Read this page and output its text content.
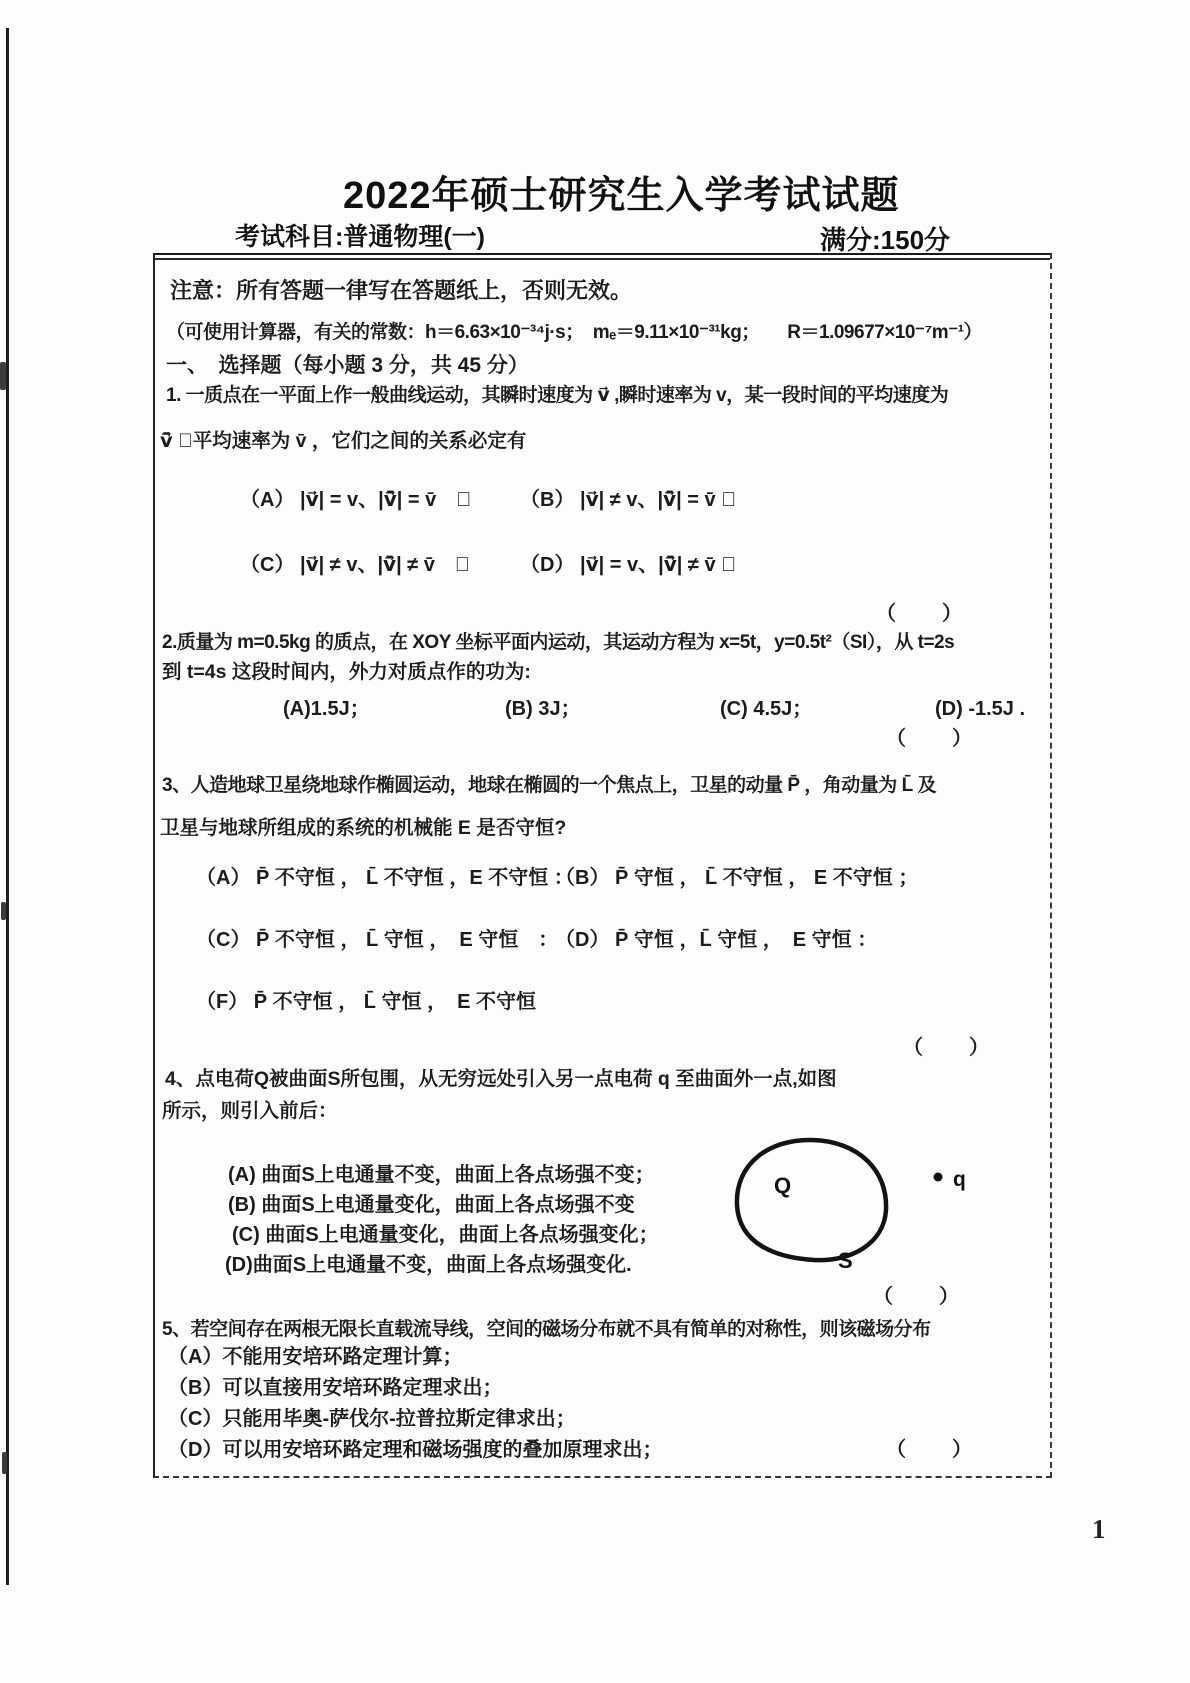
2022年硕士研究生入学考试试题
考试科目:普通物理(一)	满分:150分
注意：所有答题一律写在答题纸上，否则无效。
（可使用计算器，有关的常数：h＝6.63×10⁻³⁴j·s；　mₑ＝9.11×10⁻³¹kg；　　R＝1.09677×10⁻⁷m⁻¹）
一、　选择题（每小题 3 分，共 45 分）
1. 一质点在一平面上作一般曲线运动，其瞬时速度为 v⃗ ,瞬时速率为 v，某一段时间的平均速度为
v̄⃗ ，平均速率为 v̄ ，它们之间的关系必定有
（A） |v⃗| = v、|v̄⃗| = v̄　： （B） |v⃗| ≠ v、|v̄⃗| = v̄ ；
（C） |v⃗| ≠ v、|v̄⃗| ≠ v̄　；	（D） |v⃗| = v、|v̄⃗| ≠ v̄ ；
（　　）
2.质量为 m=0.5kg 的质点，在 XOY 坐标平面内运动，其运动方程为 x=5t，y=0.5t²（SI），从 t=2s
到 t=4s 这段时间内，外力对质点作的功为:
(A)1.5J；	(B) 3J；	(C) 4.5J；	(D) -1.5J .
（　　）
3、人造地球卫星绕地球作椭圆运动，地球在椭圆的一个焦点上，卫星的动量 P̄ ，角动量为 L̄ 及
卫星与地球所组成的系统的机械能 E 是否守恒?
（A） P̄ 不守恒 ， L̄ 不守恒 ，E 不守恒 ：
（B） P̄ 守恒 ， L̄ 不守恒 ， E 不守恒 ；
（C） P̄ 不守恒 ， L̄ 守恒 ，　E 守恒　：
（D） P̄ 守恒 ，L̄ 守恒 ，　E 守恒 ：
（F） P̄ 不守恒 ， L̄ 守恒 ，　E 不守恒
（　　）
4、点电荷Q被曲面S所包围，从无穷远处引入另一点电荷 q 至曲面外一点,如图
所示，则引入前后：
(A) 曲面S上电通量不变，曲面上各点场强不变；
(B) 曲面S上电通量变化，曲面上各点场强不变
(C) 曲面S上电通量变化，曲面上各点场强变化；
(D)曲面S上电通量不变，曲面上各点场强变化.
（　　）
Q	q
S
5、若空间存在两根无限长直载流导线，空间的磁场分布就不具有简单的对称性，则该磁场分布
（A）不能用安培环路定理计算；
（B）可以直接用安培环路定理求出；
（C）只能用毕奥-萨伐尔-拉普拉斯定律求出；
（D）可以用安培环路定理和磁场强度的叠加原理求出；	（　　）
1
